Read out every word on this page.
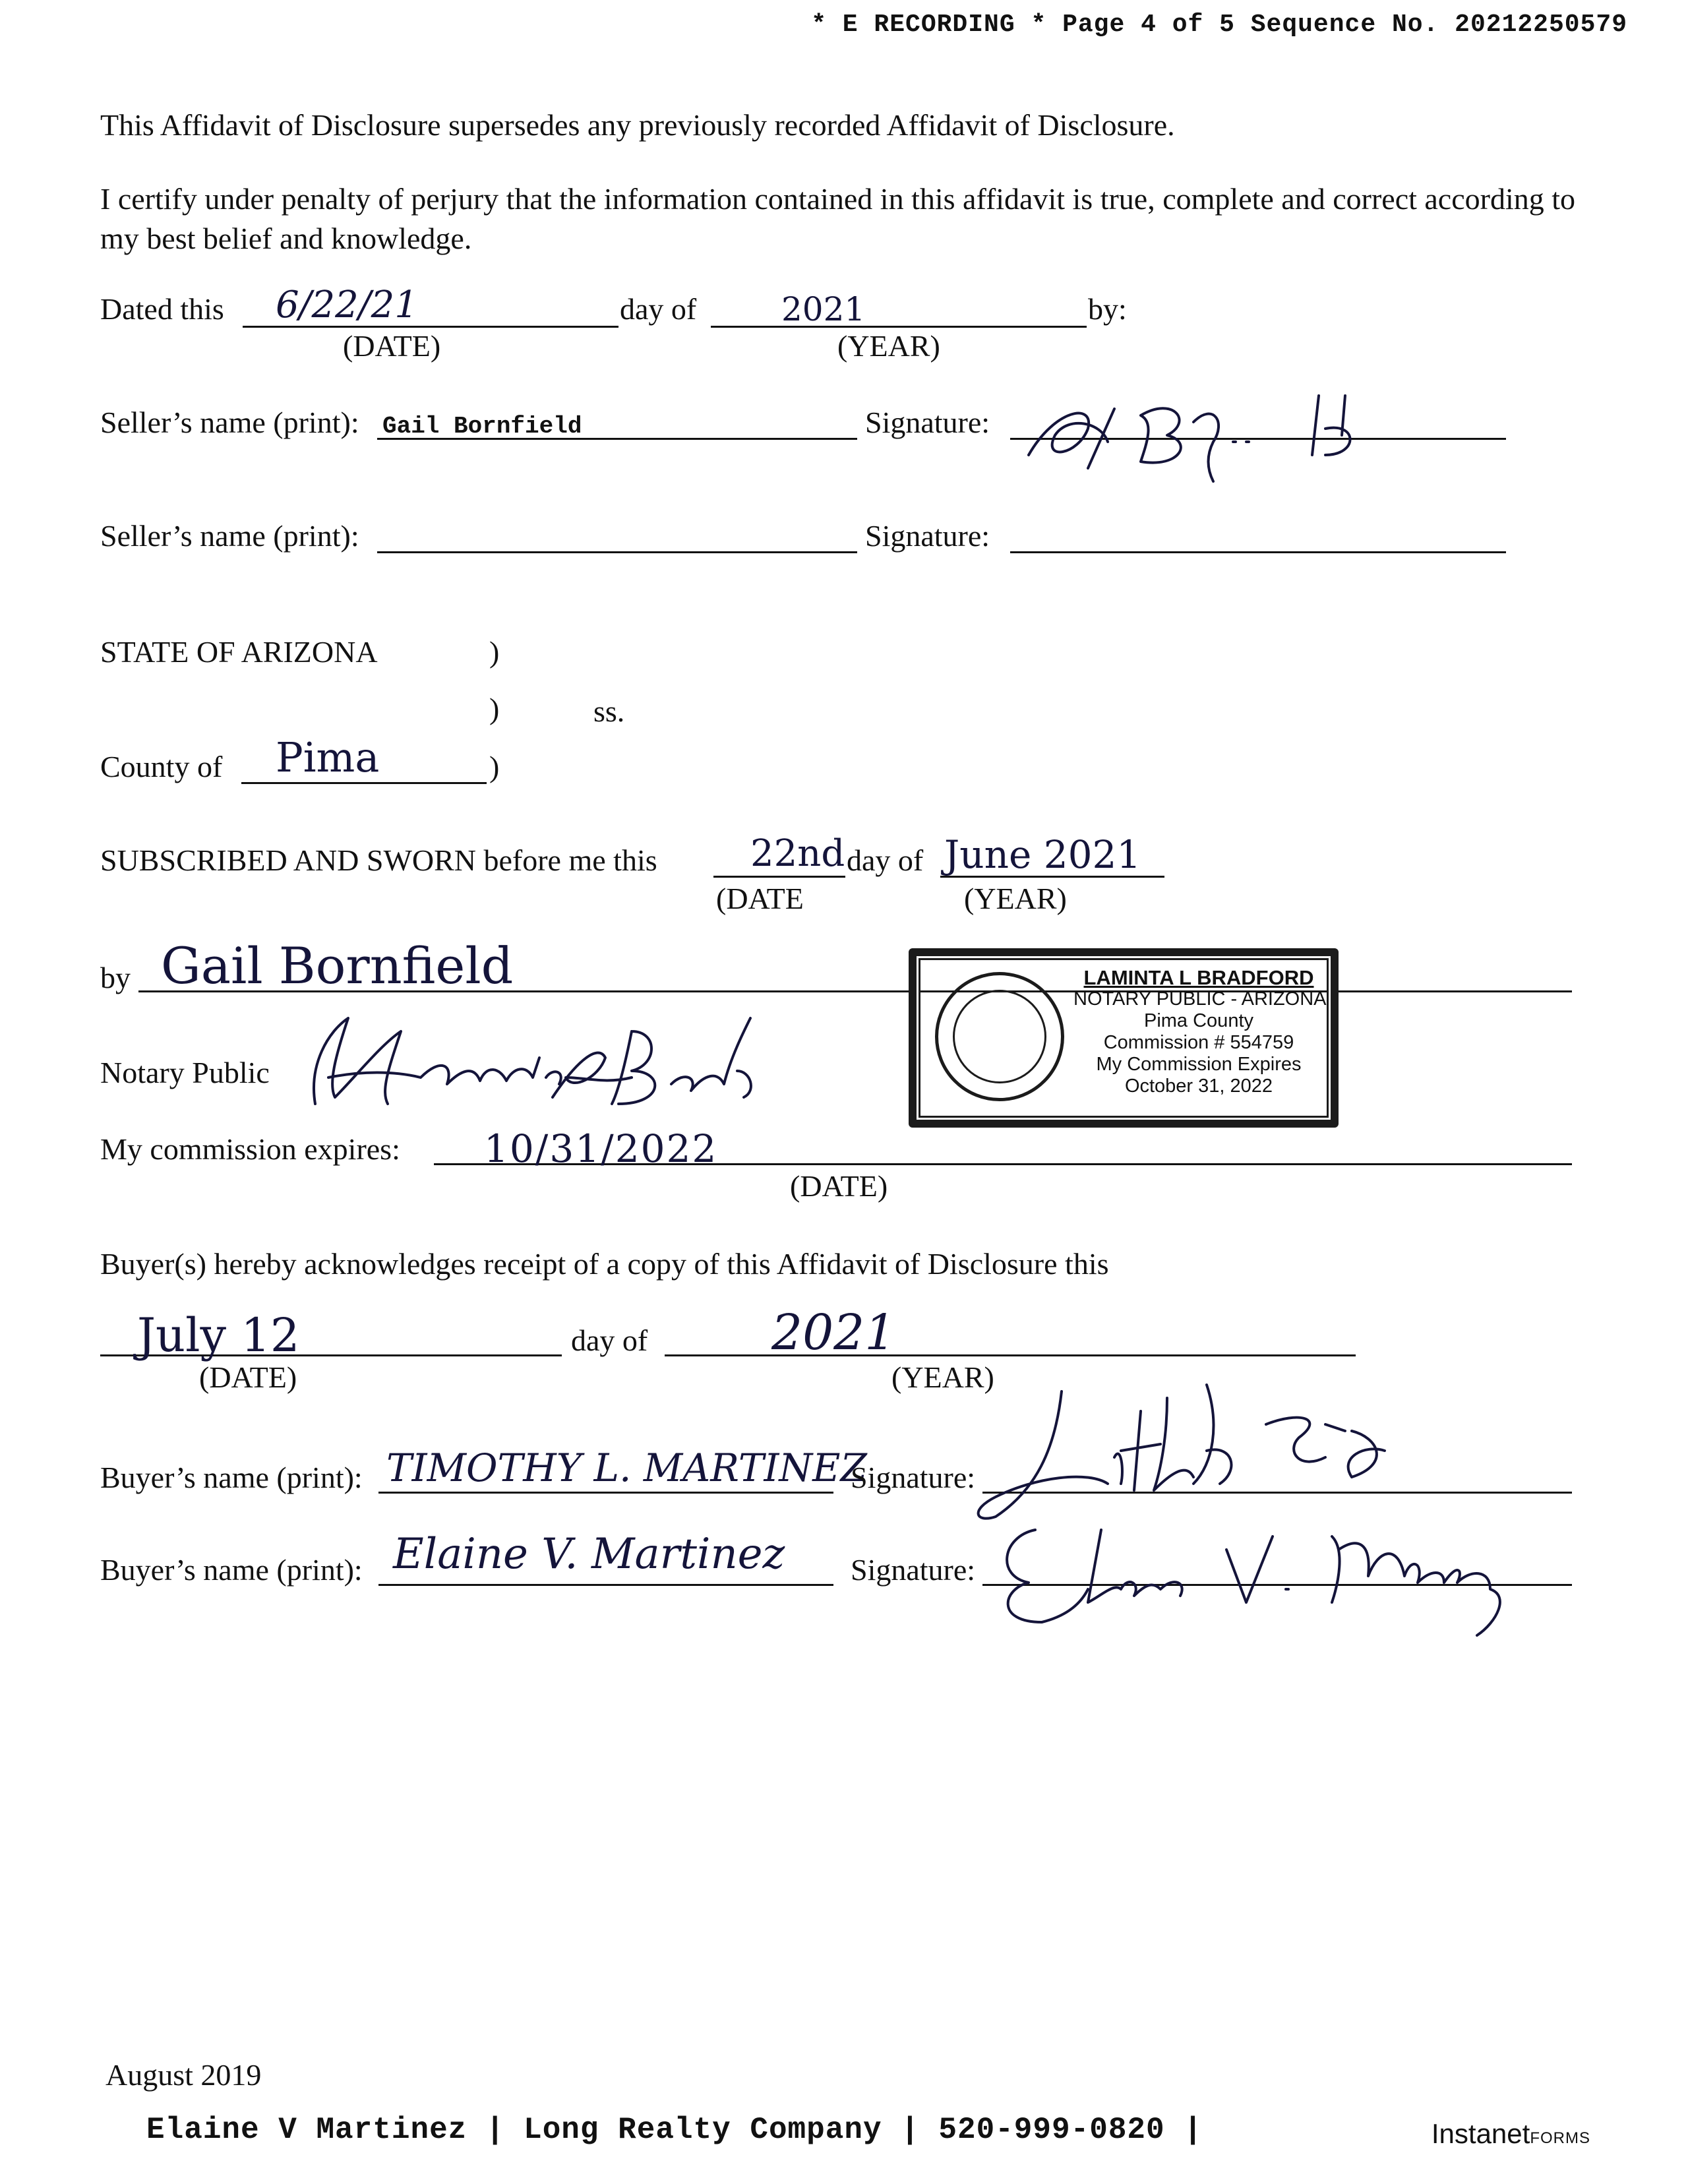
* E RECORDING * Page 4 of 5 Sequence No. 20212250579
This Affidavit of Disclosure supersedes any previously recorded Affidavit of Disclosure.
I certify under penalty of perjury that the information contained in this affidavit is true, complete and correct according to my best belief and knowledge.
Dated this 6/22/21
(DATE)
day of	2021
(YEAR)
by:
Seller’s name (print): Gail Bornfield	Signature:
Seller’s name (print):	Signature:
STATE OF ARIZONA	)
)	ss.
County of Pima	)
SUBSCRIBED AND SWORN before me this	22nd day of June 2021
(DATE	(YEAR)
by Gail Bornfield
Notary Public
LAMINTA L BRADFORD
NOTARY PUBLIC - ARIZONA
Pima County
Commission # 554759
My Commission Expires
October 31, 2022
My commission expires: 10/31/2022
(DATE)
Buyer(s) hereby acknowledges receipt of a copy of this Affidavit of Disclosure this
July 12
(DATE)
day of	2021
(YEAR)
Buyer’s name (print): TIMOTHY L. MARTINEZ
Signature:
Buyer’s name (print): Elaine V. Martinez Signature:
August 2019
Elaine V Martinez | Long Realty Company | 520-999-0820 |	InstanetFORMS
